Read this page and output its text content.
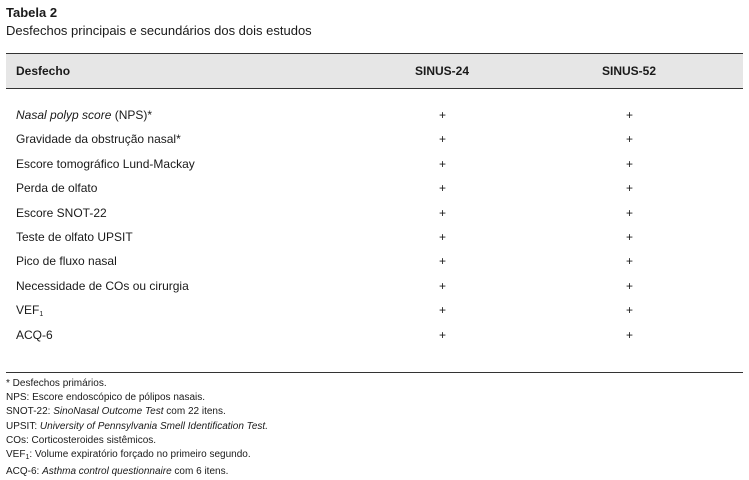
Tabela 2
Desfechos principais e secundários dos dois estudos
Desfecho	SINUS-24	SINUS-52
Nasal polyp score (NPS)*	+	+
Gravidade da obstrução nasal*	+	+
Escore tomográfico Lund-Mackay	+	+
Perda de olfato	+	+
Escore SNOT-22	+	+
Teste de olfato UPSIT	+	+
Pico de fluxo nasal	+	+
Necessidade de COs ou cirurgia	+	+
$VEF_1$	+	+
ACQ-6	+	+
* Desfechos primários.
NPS: Escore endoscópico de pólipos nasais.
SNOT-22: SinoNasal Outcome Test com 22 itens.
UPSIT: University of Pennsylvania Smell Identification Test.
COs: Corticosteroides sistêmicos.
$VEF_1$: Volume expiratório forçado no primeiro segundo.
ACQ-6: Asthma control questionnaire com 6 itens.
